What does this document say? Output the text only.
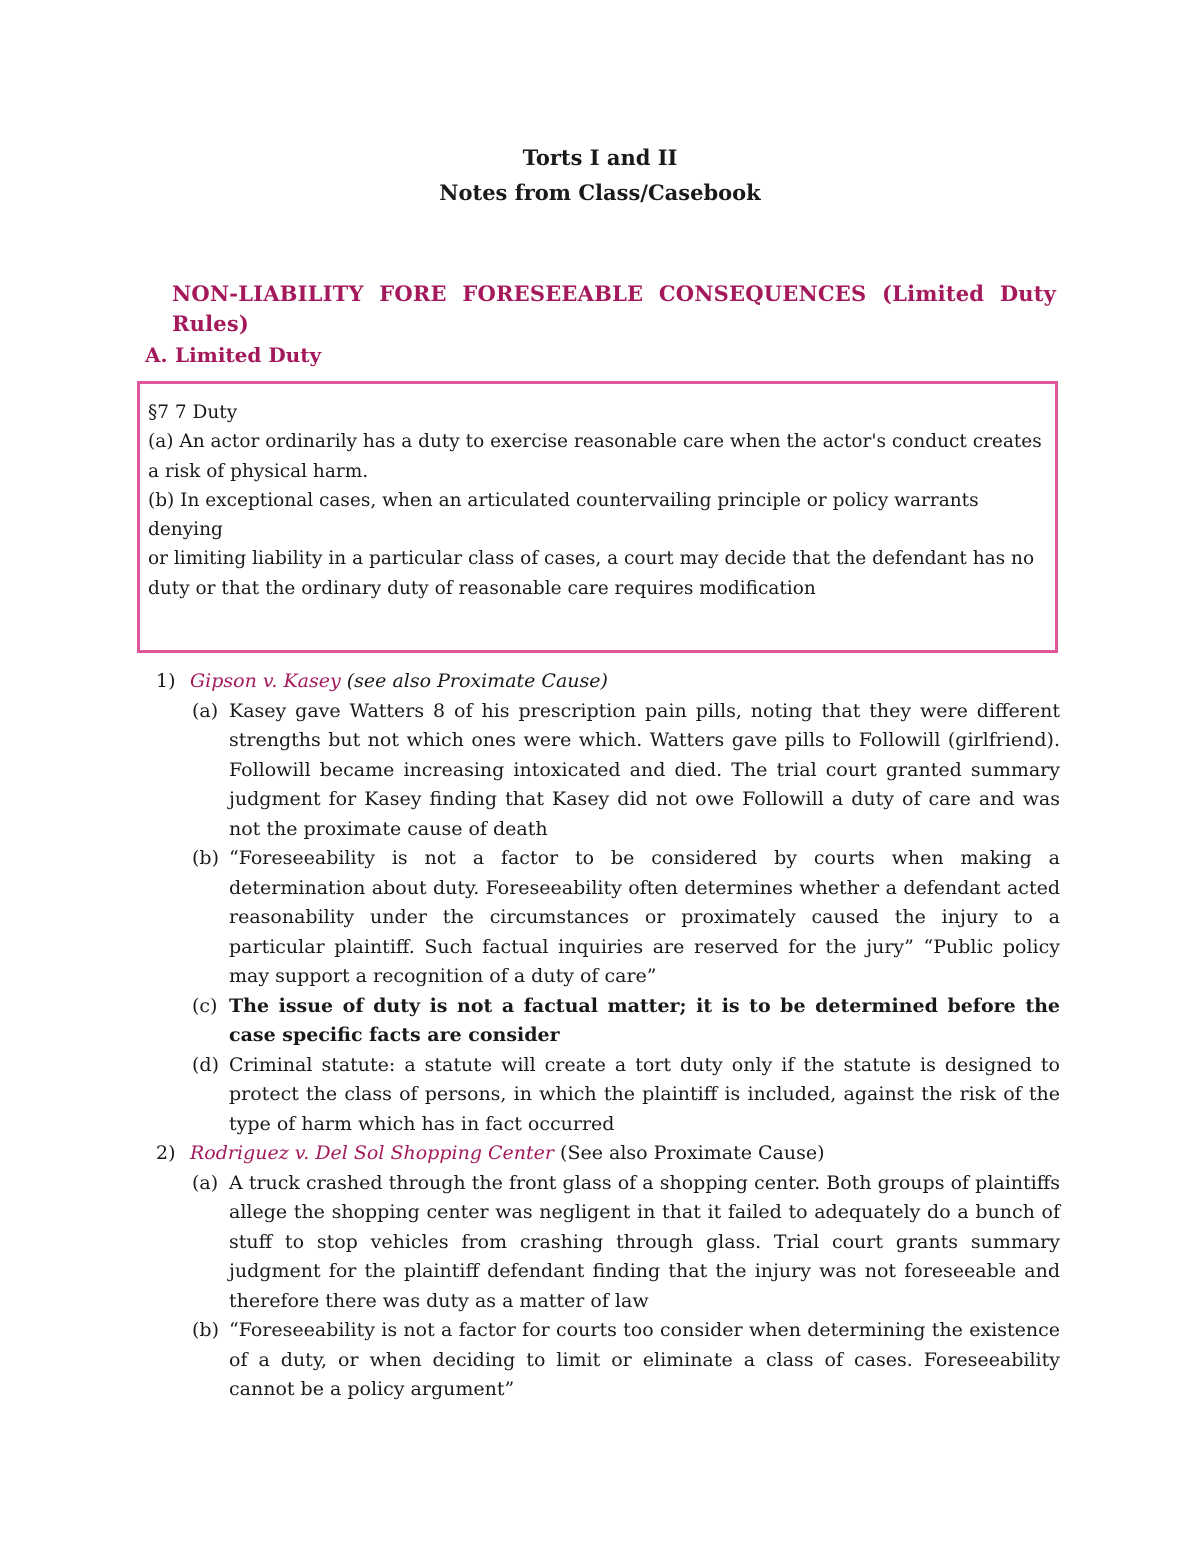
Torts I and II
Notes from Class/Casebook
NON-LIABILITY FORE FORESEEABLE CONSEQUENCES (Limited Duty Rules)
A. Limited Duty
§7 7 Duty
(a) An actor ordinarily has a duty to exercise reasonable care when the actor's conduct creates a risk of physical harm.
(b) In exceptional cases, when an articulated countervailing principle or policy warrants denying
or limiting liability in a particular class of cases, a court may decide that the defendant has no duty or that the ordinary duty of reasonable care requires modification
1) Gipson v. Kasey (see also Proximate Cause)
(a) Kasey gave Watters 8 of his prescription pain pills, noting that they were different strengths but not which ones were which. Watters gave pills to Followill (girlfriend). Followill became increasing intoxicated and died. The trial court granted summary judgment for Kasey finding that Kasey did not owe Followill a duty of care and was not the proximate cause of death
(b) “Foreseeability is not a factor to be considered by courts when making a determination about duty. Foreseeability often determines whether a defendant acted reasonability under the circumstances or proximately caused the injury to a particular plaintiff. Such factual inquiries are reserved for the jury” “Public policy may support a recognition of a duty of care”
(c) The issue of duty is not a factual matter; it is to be determined before the case specific facts are consider
(d) Criminal statute: a statute will create a tort duty only if the statute is designed to protect the class of persons, in which the plaintiff is included, against the risk of the type of harm which has in fact occurred
2) Rodriguez v. Del Sol Shopping Center (See also Proximate Cause)
(a) A truck crashed through the front glass of a shopping center. Both groups of plaintiffs allege the shopping center was negligent in that it failed to adequately do a bunch of stuff to stop vehicles from crashing through glass. Trial court grants summary judgment for the plaintiff defendant finding that the injury was not foreseeable and therefore there was duty as a matter of law
(b) “Foreseeability is not a factor for courts too consider when determining the existence of a duty, or when deciding to limit or eliminate a class of cases. Foreseeability cannot be a policy argument”
